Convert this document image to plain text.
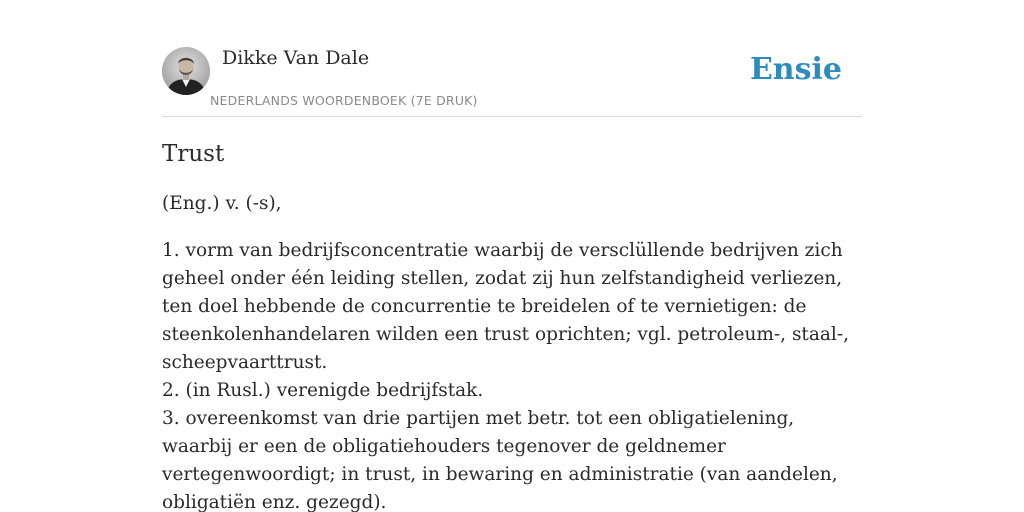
Dikke Van Dale
NEDERLANDS WOORDENBOEK (7E DRUK)
Ensie
Trust

(Eng.) v. (-s),

1. vorm van bedrijfsconcentratie waarbij de versclüllende bedrijven zich geheel onder één leiding stellen, zodat zij hun zelfstandigheid verliezen, ten doel hebbende de concurrentie te breidelen of te vernietigen: de steenkolenhandelaren wilden een trust oprichten; vgl. petroleum-, staal-, scheepvaarttrust.
2. (in Rusl.) verenigde bedrijfstak.
3. overeenkomst van drie partijen met betr. tot een obligatielening, waarbij er een de obligatiehouders tegenover de geldnemer vertegenwoordigt; in trust, in bewaring en administratie (van aandelen, obligatiën enz. gezegd).
